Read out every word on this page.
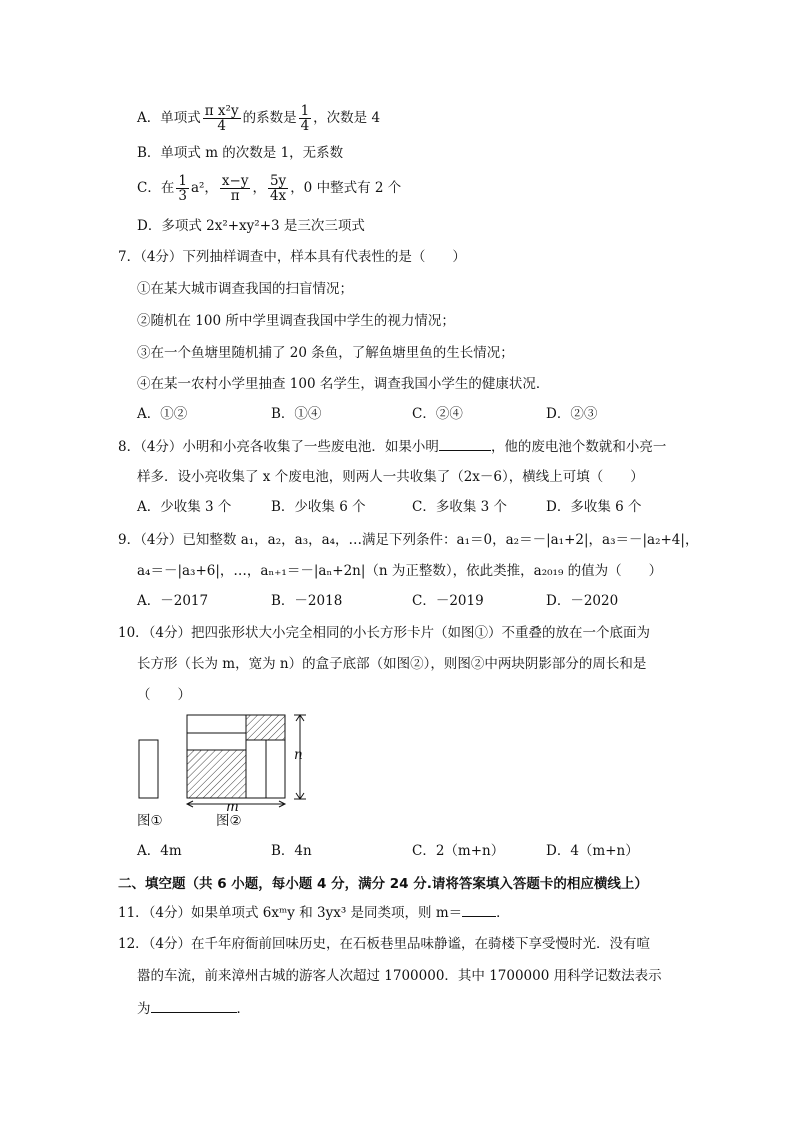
A．单项式 $\frac{\text{π x²y}}{4}$ 的系数是 $\frac{1}{4}$ ，次数是 4
B．单项式 m 的次数是 1，无系数
C．在 $\frac{1}{3} a^2$， $\frac{x-y}{\pi}$ ， $\frac{5y}{4x}$ ，0 中整式有 2 个
D．多项式 2x²+xy²+3 是三次三项式
7．（4分）下列抽样调查中，样本具有代表性的是（　　）
①在某大城市调查我国的扫盲情况；
②随机在 100 所中学里调查我国中学生的视力情况；
③在一个鱼塘里随机捕了 20 条鱼，了解鱼塘里鱼的生长情况；
④在某一农村小学里抽查 100 名学生，调查我国小学生的健康状况．
A．①②	B．①④	C．②④	D．②③
8．（4分）小明和小亮各收集了一些废电池．如果小明	，他的废电池个数就和小亮一
样多．设小亮收集了 x 个废电池，则两人一共收集了（2x－6），横线上可填（　　）
A．少收集 3 个	B．少收集 6 个	C．多收集 3 个	D．多收集 6 个
9．（4分）已知整数 a₁，a₂，a₃，a₄，…满足下列条件：a₁＝0，a₂＝－|a₁+2|，a₃＝－|a₂+4|，
a₄＝－|a₃+6|，…，aₙ₊₁＝－|aₙ+2n|（n 为正整数），依此类推，a₂₀₁₉ 的值为（　　）
A．－2017	B．－2018	C．－2019	D．－2020
10．（4分）把四张形状大小完全相同的小长方形卡片（如图①）不重叠的放在一个底面为
长方形（长为 m，宽为 n）的盒子底部（如图②），则图②中两块阴影部分的周长和是
（　　）
n
m
图①	图②
A．4m	B．4n	C．2（m+n）	D．4（m+n）
二、填空题（共 6 小题，每小题 4 分，满分 24 分.请将答案填入答题卡的相应横线上）
11．（4分）如果单项式 6xᵐy 和 3yx³ 是同类项，则 m＝	．
12．（4分）在千年府衙前回味历史，在石板巷里品味静谧，在骑楼下享受慢时光．没有喧
嚣的车流，前来漳州古城的游客人次超过 1700000．其中 1700000 用科学记数法表示
为	．
